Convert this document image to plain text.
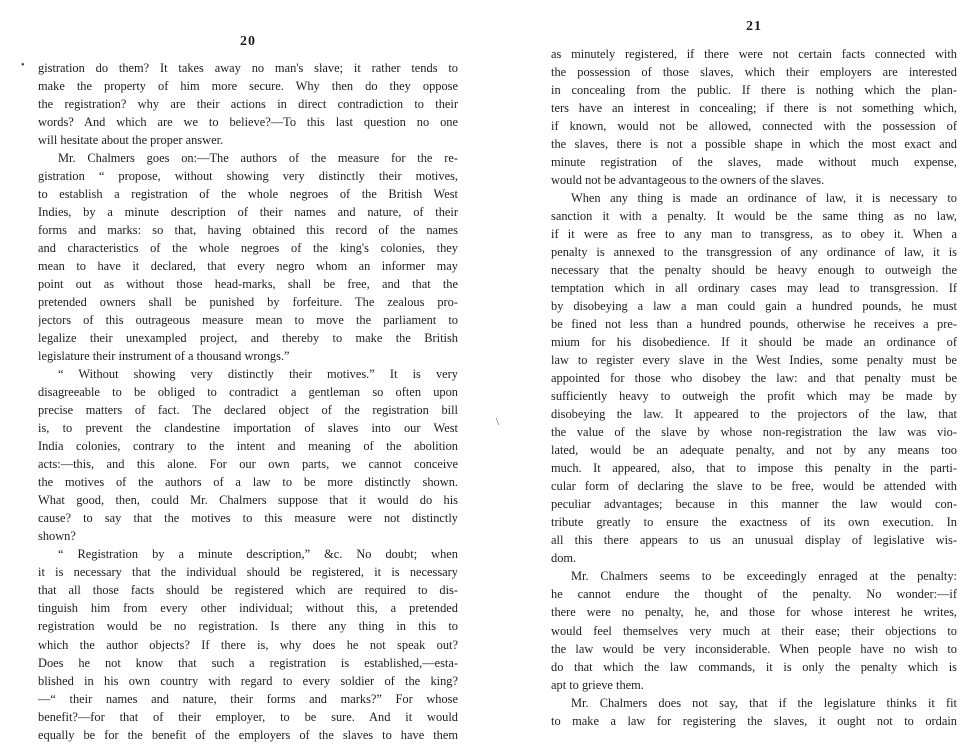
•
\
20
gistration do them? It takes away no man's slave; it rather tends to
make the property of him more secure. Why then do they oppose
the registration? why are their actions in direct contradiction to their
words? And which are we to believe?—To this last question no one
will hesitate about the proper answer.
Mr. Chalmers goes on:—The authors of the measure for the re-
gistration “ propose, without showing very distinctly their motives,
to establish a registration of the whole negroes of the British West
Indies, by a minute description of their names and nature, of their
forms and marks: so that, having obtained this record of the names
and characteristics of the whole negroes of the king's colonies, they
mean to have it declared, that every negro whom an informer may
point out as without those head-marks, shall be free, and that the
pretended owners shall be punished by forfeiture. The zealous pro-
jectors of this outrageous measure mean to move the parliament to
legalize their unexampled project, and thereby to make the British
legislature their instrument of a thousand wrongs.”
“ Without showing very distinctly their motives.” It is very
disagreeable to be obliged to contradict a gentleman so often upon
precise matters of fact. The declared object of the registration bill
is, to prevent the clandestine importation of slaves into our West
India colonies, contrary to the intent and meaning of the abolition
acts:—this, and this alone. For our own parts, we cannot conceive
the motives of the authors of a law to be more distinctly shown.
What good, then, could Mr. Chalmers suppose that it would do his
cause? to say that the motives to this measure were not distinctly
shown?
“ Registration by a minute description,” &c. No doubt; when
it is necessary that the individual should be registered, it is necessary
that all those facts should be registered which are required to dis-
tinguish him from every other individual; without this, a pretended
registration would be no registration. Is there any thing in this to
which the author objects? If there is, why does he not speak out?
Does he not know that such a registration is established,—esta-
blished in his own country with regard to every soldier of the king?
—“ their names and nature, their forms and marks?” For whose
benefit?—for that of their employer, to be sure. And it would
equally be for the benefit of the employers of the slaves to have them
21
as minutely registered, if there were not certain facts connected with
the possession of those slaves, which their employers are interested
in concealing from the public. If there is nothing which the plan-
ters have an interest in concealing; if there is not something which,
if known, would not be allowed, connected with the possession of
the slaves, there is not a possible shape in which the most exact and
minute registration of the slaves, made without much expense,
would not be advantageous to the owners of the slaves.
When any thing is made an ordinance of law, it is necessary to
sanction it with a penalty. It would be the same thing as no law,
if it were as free to any man to transgress, as to obey it. When a
penalty is annexed to the transgression of any ordinance of law, it is
necessary that the penalty should be heavy enough to outweigh the
temptation which in all ordinary cases may lead to transgression. If
by disobeying a law a man could gain a hundred pounds, he must
be fined not less than a hundred pounds, otherwise he receives a pre-
mium for his disobedience. If it should be made an ordinance of
law to register every slave in the West Indies, some penalty must be
appointed for those who disobey the law: and that penalty must be
sufficiently heavy to outweigh the profit which may be made by
disobeying the law. It appeared to the projectors of the law, that
the value of the slave by whose non-registration the law was vio-
lated, would be an adequate penalty, and not by any means too
much. It appeared, also, that to impose this penalty in the parti-
cular form of declaring the slave to be free, would be attended with
peculiar advantages; because in this manner the law would con-
tribute greatly to ensure the exactness of its own execution. In
all this there appears to us an unusual display of legislative wis-
dom.
Mr. Chalmers seems to be exceedingly enraged at the penalty:
he cannot endure the thought of the penalty. No wonder:—if
there were no penalty, he, and those for whose interest he writes,
would feel themselves very much at their ease; their objections to
the law would be very inconsiderable. When people have no wish to
do that which the law commands, it is only the penalty which is
apt to grieve them.
Mr. Chalmers does not say, that if the legislature thinks it fit
to make a law for registering the slaves, it ought not to ordain
